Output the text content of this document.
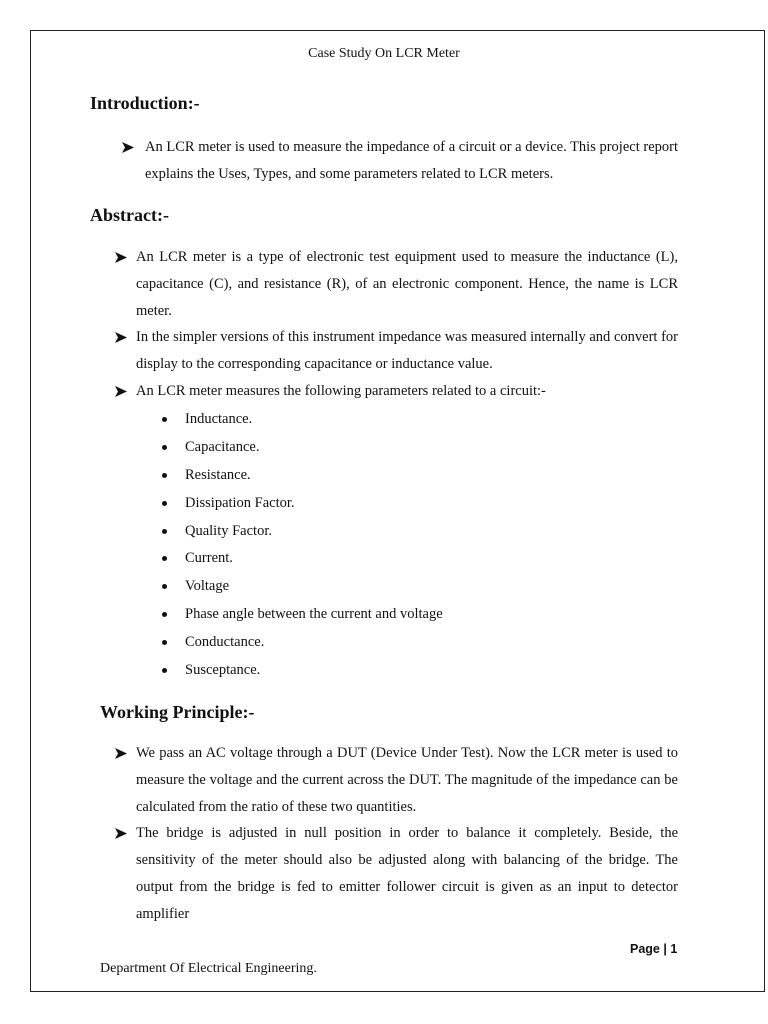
Case Study On LCR Meter
Introduction:-
An LCR meter is used to measure the impedance of a circuit or a device. This project report explains the Uses, Types, and some parameters related to LCR meters.
Abstract:-
An LCR meter is a type of electronic test equipment used to measure the inductance (L), capacitance (C), and resistance (R), of an electronic component. Hence, the name is LCR meter.
In the simpler versions of this instrument impedance was measured internally and convert for display to the corresponding capacitance or inductance value.
An LCR meter measures the following parameters related to a circuit:-
Inductance.
Capacitance.
Resistance.
Dissipation Factor.
Quality Factor.
Current.
Voltage
Phase angle between the current and voltage
Conductance.
Susceptance.
Working Principle:-
We pass an AC voltage through a DUT (Device Under Test). Now the LCR meter is used to measure the voltage and the current across the DUT. The magnitude of the impedance can be calculated from the ratio of these two quantities.
The bridge is adjusted in null position in order to balance it completely. Beside, the sensitivity of the meter should also be adjusted along with balancing of the bridge. The output from the bridge is fed to emitter follower circuit is given as an input to detector amplifier
Page | 1
Department Of Electrical Engineering.
